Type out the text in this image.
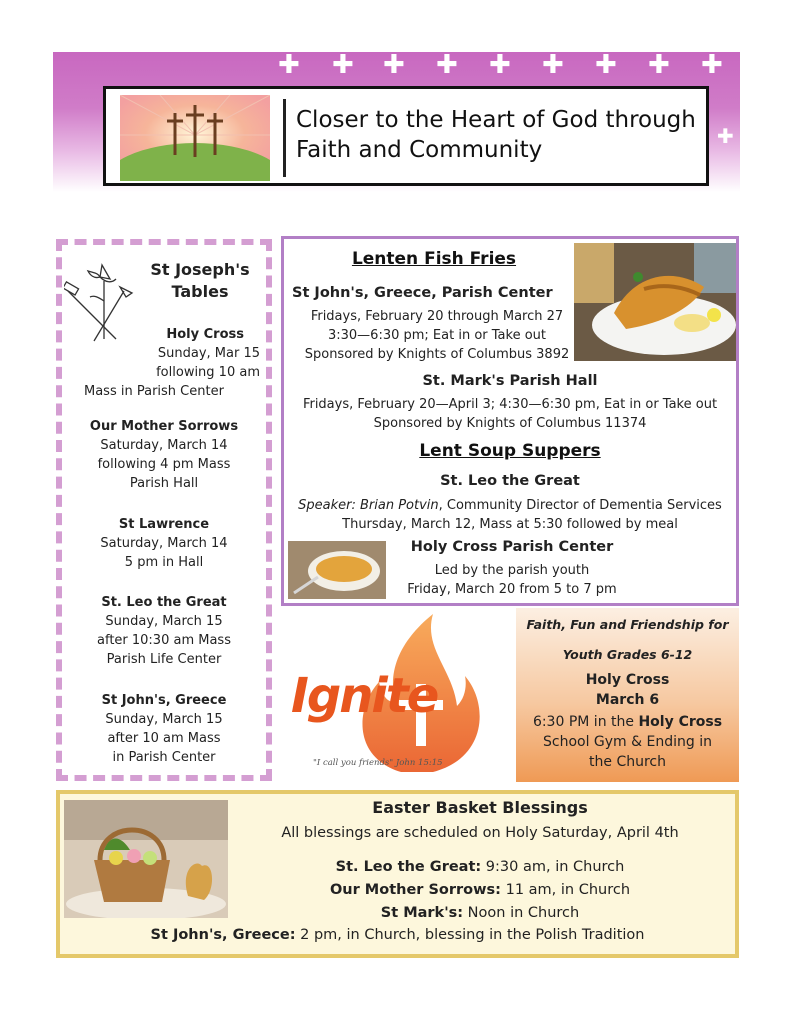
✚ ✚ ✚ ✚ ✚ ✚ ✚ ✚ ✚
✚
Closer to the Heart of God through
Faith and Community
St Joseph's
Tables
Holy Cross
Sunday, Mar 15
following 10 am
Mass in Parish Center
Our Mother Sorrows
Saturday, March 14
following 4 pm Mass
Parish Hall
St Lawrence
Saturday, March 14
5 pm in Hall
St. Leo the Great
Sunday, March 15
after 10:30 am Mass
Parish Life Center
St John's, Greece
Sunday, March 15
after 10 am Mass
in Parish Center
Lenten Fish Fries
St John's, Greece, Parish Center
Fridays, February 20 through March 27
3:30—6:30 pm; Eat in or Take out
Sponsored by Knights of Columbus 3892
St. Mark's Parish Hall
Fridays, February 20—April 3; 4:30—6:30 pm, Eat in or Take out
Sponsored by Knights of Columbus 11374
Lent Soup Suppers
St. Leo the Great
Speaker: Brian Potvin, Community Director of Dementia Services
Thursday, March 12, Mass at 5:30 followed by meal
Holy Cross Parish Center
Led by the parish youth
Friday, March 20 from 5 to 7 pm
Ignite
"I call you friends" John 15:15
Faith, Fun and Friendship for
Youth Grades 6-12
Holy Cross
March 6
6:30 PM in the Holy Cross
School Gym & Ending in
the Church
Easter Basket Blessings
All blessings are scheduled on Holy Saturday, April 4th
St. Leo the Great: 9:30 am, in Church
Our Mother Sorrows: 11 am, in Church
St Mark's: Noon in Church
St John's, Greece: 2 pm, in Church, blessing in the Polish Tradition
